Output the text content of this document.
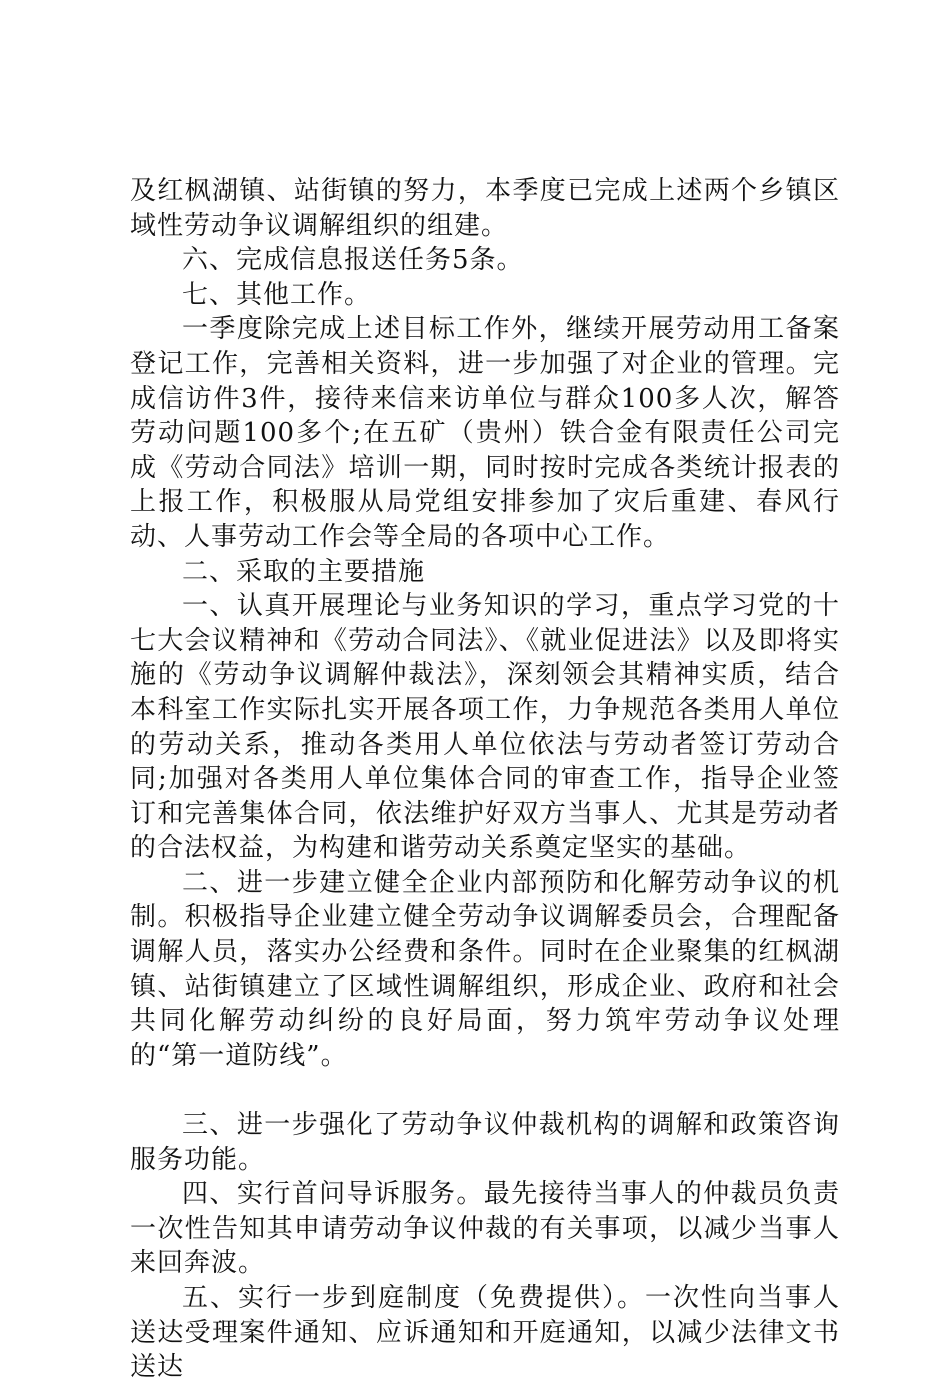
及红枫湖镇、站街镇的努力，本季度已完成上述两个乡镇区域性劳动争议调解组织的组建。

六、完成信息报送任务5条。

七、其他工作。

一季度除完成上述目标工作外，继续开展劳动用工备案登记工作，完善相关资料，进一步加强了对企业的管理。完成信访件3件，接待来信来访单位与群众100多人次，解答劳动问题100多个;在五矿（贵州）铁合金有限责任公司完成《劳动合同法》培训一期，同时按时完成各类统计报表的上报工作，积极服从局党组安排参加了灾后重建、春风行动、人事劳动工作会等全局的各项中心工作。

二、采取的主要措施

一、认真开展理论与业务知识的学习，重点学习党的十七大会议精神和《劳动合同法》、《就业促进法》以及即将实施的《劳动争议调解仲裁法》，深刻领会其精神实质，结合本科室工作实际扎实开展各项工作，力争规范各类用人单位的劳动关系，推动各类用人单位依法与劳动者签订劳动合同;加强对各类用人单位集体合同的审查工作，指导企业签订和完善集体合同，依法维护好双方当事人、尤其是劳动者的合法权益，为构建和谐劳动关系奠定坚实的基础。

二、进一步建立健全企业内部预防和化解劳动争议的机制。积极指导企业建立健全劳动争议调解委员会，合理配备调解人员，落实办公经费和条件。同时在企业聚集的红枫湖镇、站街镇建立了区域性调解组织，形成企业、政府和社会共同化解劳动纠纷的良好局面，努力筑牢劳动争议处理的“第一道防线”。

三、进一步强化了劳动争议仲裁机构的调解和政策咨询服务功能。

四、实行首问导诉服务。最先接待当事人的仲裁员负责一次性告知其申请劳动争议仲裁的有关事项，以减少当事人来回奔波。

五、实行一步到庭制度（免费提供）。一次性向当事人送达受理案件通知、应诉通知和开庭通知，以减少法律文书送达
